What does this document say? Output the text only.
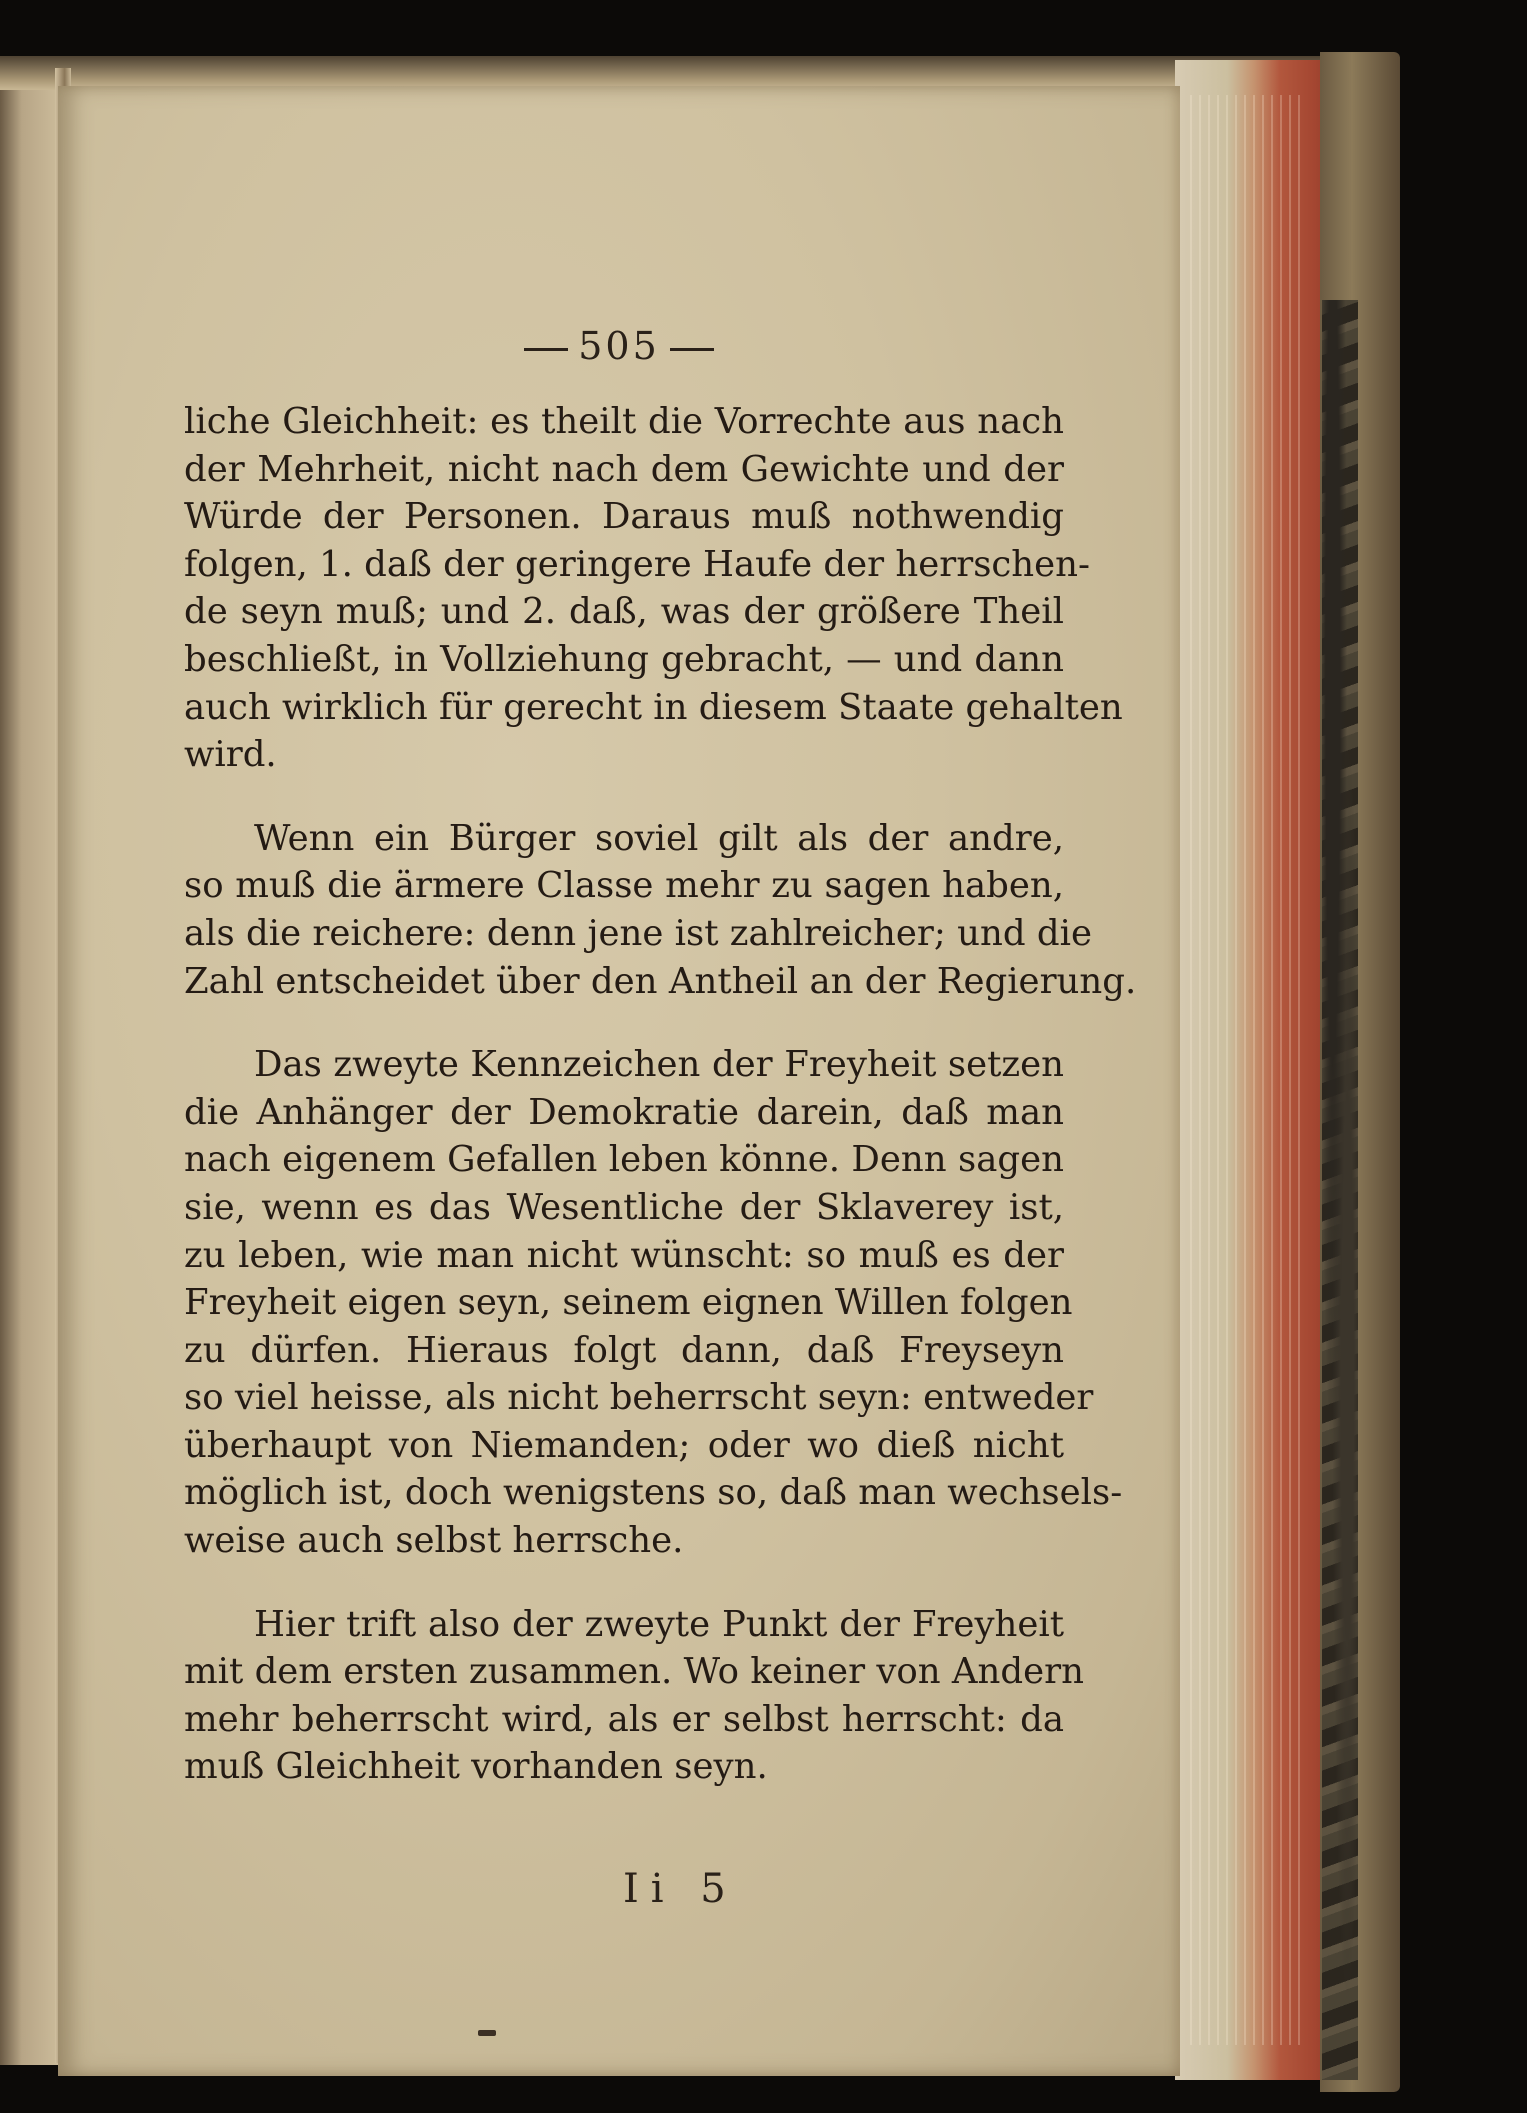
505

liche Gleichheit: es theilt die Vorrechte aus nach
der Mehrheit, nicht nach dem Gewichte und der
Würde der Personen. Daraus muß nothwendig
folgen, 1. daß der geringere Haufe der herrschen-
de seyn muß; und 2. daß, was der größere Theil
beschließt, in Vollziehung gebracht, — und dann
auch wirklich für gerecht in diesem Staate gehalten
wird.

Wenn ein Bürger soviel gilt als der andre,
so muß die ärmere Classe mehr zu sagen haben,
als die reichere: denn jene ist zahlreicher; und die
Zahl entscheidet über den Antheil an der Regierung.

Das zweyte Kennzeichen der Freyheit setzen
die Anhänger der Demokratie darein, daß man
nach eigenem Gefallen leben könne. Denn sagen
sie, wenn es das Wesentliche der Sklaverey ist,
zu leben, wie man nicht wünscht: so muß es der
Freyheit eigen seyn, seinem eignen Willen folgen
zu dürfen. Hieraus folgt dann, daß Freyseyn
so viel heisse, als nicht beherrscht seyn: entweder
überhaupt von Niemanden; oder wo dieß nicht
möglich ist, doch wenigstens so, daß man wechsels-
weise auch selbst herrsche.

Hier trift also der zweyte Punkt der Freyheit
mit dem ersten zusammen. Wo keiner von Andern
mehr beherrscht wird, als er selbst herrscht: da
muß Gleichheit vorhanden seyn.

Ii 5
